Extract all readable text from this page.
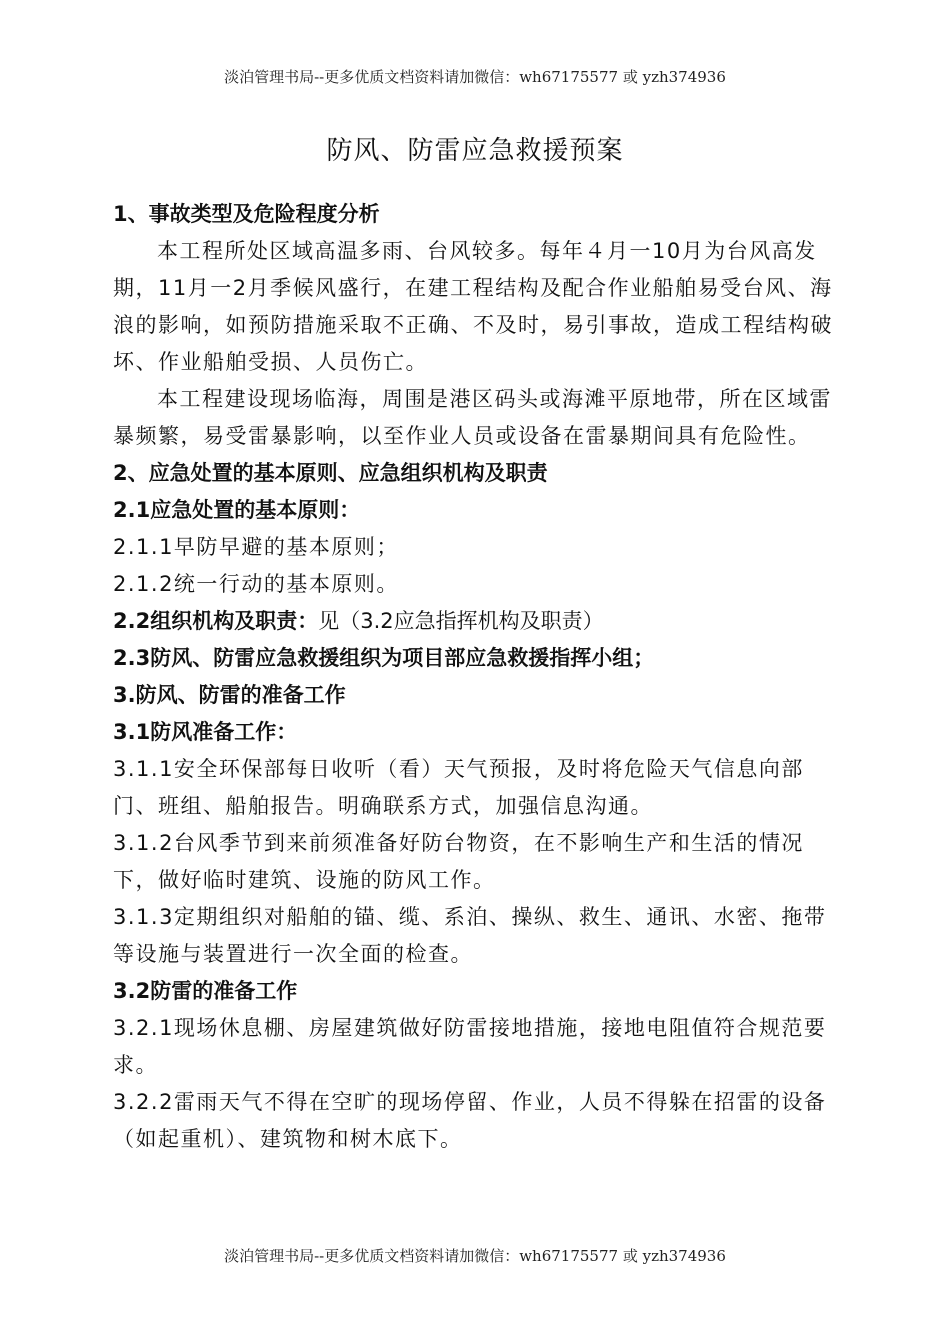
淡泊管理书局--更多优质文档资料请加微信：wh67175577 或 yzh374936
防风、防雷应急救援预案
1、事故类型及危险程度分析
本工程所处区域高温多雨、台风较多。每年４月一10月为台风高发期，11月一2月季候风盛行，在建工程结构及配合作业船舶易受台风、海浪的影响，如预防措施采取不正确、不及时，易引事故，造成工程结构破坏、作业船舶受损、人员伤亡。
本工程建设现场临海，周围是港区码头或海滩平原地带，所在区域雷暴频繁，易受雷暴影响，以至作业人员或设备在雷暴期间具有危险性。
2、应急处置的基本原则、应急组织机构及职责
2.1应急处置的基本原则：
2.1.1早防早避的基本原则；
2.1.2统一行动的基本原则。
2.2组织机构及职责：见（3.2应急指挥机构及职责）
2.3防风、防雷应急救援组织为项目部应急救援指挥小组；
3.防风、防雷的准备工作
3.1防风准备工作：
3.1.1安全环保部每日收听（看）天气预报，及时将危险天气信息向部门、班组、船舶报告。明确联系方式，加强信息沟通。
3.1.2台风季节到来前须准备好防台物资，在不影响生产和生活的情况下，做好临时建筑、设施的防风工作。
3.1.3定期组织对船舶的锚、缆、系泊、操纵、救生、通讯、水密、拖带等设施与装置进行一次全面的检查。
3.2防雷的准备工作
3.2.1现场休息棚、房屋建筑做好防雷接地措施，接地电阻值符合规范要求。
3.2.2雷雨天气不得在空旷的现场停留、作业，人员不得躲在招雷的设备（如起重机）、建筑物和树木底下。
淡泊管理书局--更多优质文档资料请加微信：wh67175577 或 yzh374936
